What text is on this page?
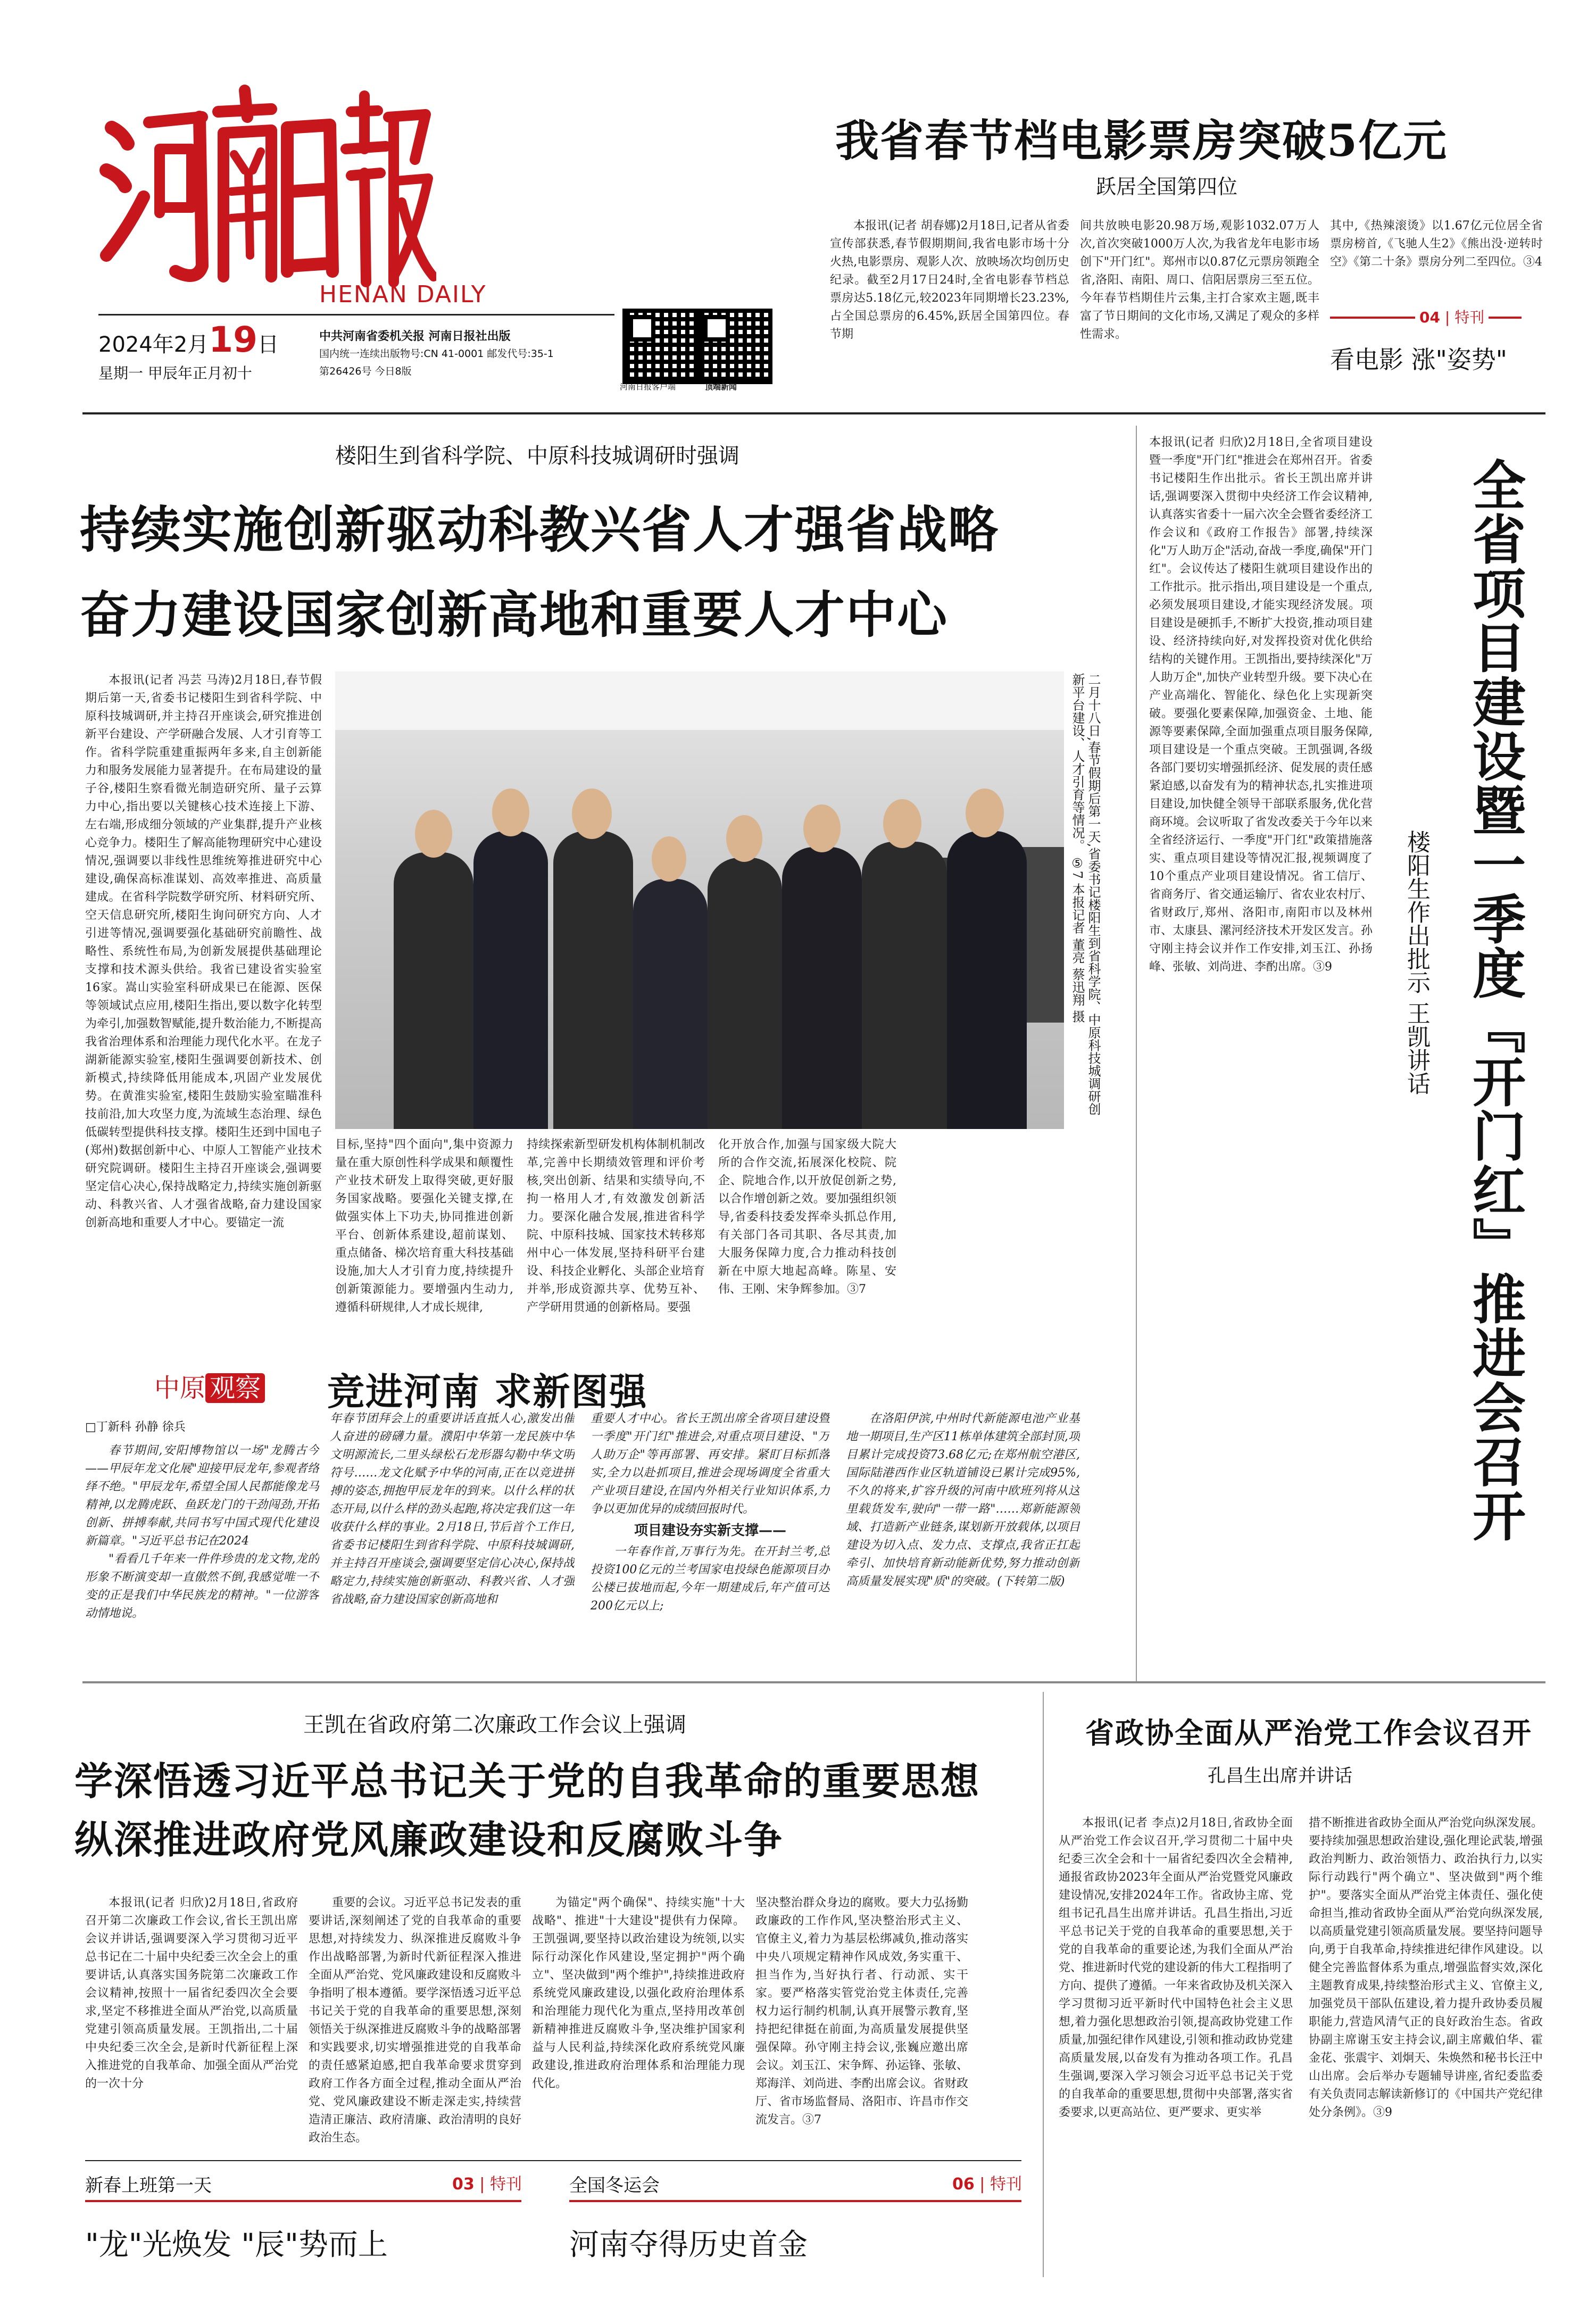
HENAN DAILY
2024年2月19日
星期一 甲辰年正月初十
中共河南省委机关报 河南日报社出版
国内统一连续出版物号:CN 41-0001 邮发代号:35-1
第26426号 今日8版
河南日报客户端	顶端新闻
我省春节档电影票房突破5亿元
跃居全国第四位

本报讯(记者 胡春娜)2月18日,记者从省委宣传部获悉,春节假期期间,我省电影市场十分火热,电影票房、观影人次、放映场次均创历史纪录。截至2月17日24时,全省电影春节档总票房达5.18亿元,较2023年同期增长23.23%,占全国总票房的6.45%,跃居全国第四位。春节期

间共放映电影20.98万场,观影1032.07万人次,首次突破1000万人次,为我省龙年电影市场创下"开门红"。郑州市以0.87亿元票房领跑全省,洛阳、南阳、周口、信阳居票房三至五位。今年春节档期佳片云集,主打合家欢主题,既丰富了节日期间的文化市场,又满足了观众的多样性需求。

其中,《热辣滚烫》以1.67亿元位居全省票房榜首,《飞驰人生2》《熊出没·逆转时空》《第二十条》票房分列二至四位。③4

04 | 特刊
看电影 涨"姿势"
楼阳生到省科学院、中原科技城调研时强调
持续实施创新驱动科教兴省人才强省战略
奋力建设国家创新高地和重要人才中心

本报讯(记者 冯芸 马涛)2月18日,春节假期后第一天,省委书记楼阳生到省科学院、中原科技城调研,并主持召开座谈会,研究推进创新平台建设、产学研融合发展、人才引育等工作。省科学院重建重振两年多来,自主创新能力和服务发展能力显著提升。在布局建设的量子谷,楼阳生察看微光制造研究所、量子云算力中心,指出要以关键核心技术连接上下游、左右端,形成细分领域的产业集群,提升产业核心竞争力。楼阳生了解高能物理研究中心建设情况,强调要以非线性思维统筹推进研究中心建设,确保高标准谋划、高效率推进、高质量建成。在省科学院数学研究所、材料研究所、空天信息研究所,楼阳生询问研究方向、人才引进等情况,强调要强化基础研究前瞻性、战略性、系统性布局,为创新发展提供基础理论支撑和技术源头供给。我省已建设省实验室16家。嵩山实验室科研成果已在能源、医保等领域试点应用,楼阳生指出,要以数字化转型为牵引,加强数智赋能,提升数治能力,不断提高我省治理体系和治理能力现代化水平。在龙子湖新能源实验室,楼阳生强调要创新技术、创新模式,持续降低用能成本,巩固产业发展优势。在黄淮实验室,楼阳生鼓励实验室瞄准科技前沿,加大攻坚力度,为流域生态治理、绿色低碳转型提供科技支撑。楼阳生还到中国电子(郑州)数据创新中心、中原人工智能产业技术研究院调研。楼阳生主持召开座谈会,强调要坚定信心决心,保持战略定力,持续实施创新驱动、科教兴省、人才强省战略,奋力建设国家创新高地和重要人才中心。要锚定一流

二月十八日,春节假期后第一天,省委书记楼阳生到省科学院、中原科技城调研创新平台建设、人才引育等情况。 ⑤7 本报记者 董亮 蔡迅翔 摄

目标,坚持"四个面向",集中资源力量在重大原创性科学成果和颠覆性产业技术研发上取得突破,更好服务国家战略。要强化关键支撑,在做强实体上下功夫,协同推进创新平台、创新体系建设,超前谋划、重点储备、梯次培育重大科技基础设施,加大人才引育力度,持续提升创新策源能力。要增强内生动力,遵循科研规律,人才成长规律,

持续探索新型研发机构体制机制改革,完善中长期绩效管理和评价考核,突出创新、结果和实绩导向,不拘一格用人才,有效激发创新活力。要深化融合发展,推进省科学院、中原科技城、国家技术转移郑州中心一体发展,坚持科研平台建设、科技企业孵化、头部企业培育并举,形成资源共享、优势互补、产学研用贯通的创新格局。要强

化开放合作,加强与国家级大院大所的合作交流,拓展深化校院、院企、院地合作,以开放促创新之势,以合作增创新之效。要加强组织领导,省委科技委发挥牵头抓总作用,有关部门各司其职、各尽其责,加大服务保障力度,合力推动科技创新在中原大地起高峰。陈星、安伟、王刚、宋争辉参加。③7

中原 观察 竞进河南 求新图强
□丁新科 孙静 徐兵

春节期间,安阳博物馆以一场"龙腾古今——甲辰年龙文化展"迎接甲辰龙年,参观者络绎不绝。"甲辰龙年,希望全国人民都能像龙马精神,以龙腾虎跃、鱼跃龙门的干劲闯劲,开拓创新、拼搏奉献,共同书写中国式现代化建设新篇章。"习近平总书记在2024

"看看几千年来一件件珍贵的龙文物,龙的形象不断演变却一直傲然不倒,我感觉唯一不变的正是我们中华民族龙的精神。"一位游客动情地说。

年春节团拜会上的重要讲话直抵人心,激发出催人奋进的磅礴力量。濮阳中华第一龙民族中华文明源流长,二里头绿松石龙形器勾勒中华文明符号……龙文化赋予中华的河南,正在以竞进拼搏的姿态,拥抱甲辰龙年的到来。以什么样的状态开局,以什么样的劲头起跑,将决定我们这一年收获什么样的事业。2月18日,节后首个工作日,省委书记楼阳生到省科学院、中原科技城调研,并主持召开座谈会,强调要坚定信心决心,保持战略定力,持续实施创新驱动、科教兴省、人才强省战略,奋力建设国家创新高地和

重要人才中心。省长王凯出席全省项目建设暨一季度"开门红"推进会,对重点项目建设、"万人助万企"等再部署、再安排。紧盯目标抓落实,全力以赴抓项目,推进会现场调度全省重大产业项目建设,在国内外相关行业知识体系,力争以更加优异的成绩回报时代。

项目建设夯实新支撑——

一年春作首,万事行为先。在开封兰考,总投资100亿元的兰考国家电投绿色能源项目办公楼已拔地而起,今年一期建成后,年产值可达200亿元以上;

在洛阳伊滨,中州时代新能源电池产业基地一期项目,生产区11栋单体建筑全部封顶,项目累计完成投资73.68亿元;在郑州航空港区,国际陆港西作业区轨道铺设已累计完成95%,不久的将来,扩容升级的河南中欧班列将从这里载货发车,驶向"一带一路"……郑新能源领域、打造新产业链条,谋划新开放载体,以项目建设为切入点、发力点、支撑点,我省正扛起牵引、加快培育新动能新优势,努力推动创新高质量发展实现"质"的突破。(下转第二版)

本报讯(记者 归欣)2月18日,全省项目建设暨一季度"开门红"推进会在郑州召开。省委书记楼阳生作出批示。省长王凯出席并讲话,强调要深入贯彻中央经济工作会议精神,认真落实省委十一届六次全会暨省委经济工作会议和《政府工作报告》部署,持续深化"万人助万企"活动,奋战一季度,确保"开门红"。会议传达了楼阳生就项目建设作出的工作批示。批示指出,项目建设是一个重点,必须发展项目建设,才能实现经济发展。项目建设是硬抓手,不断扩大投资,推动项目建设、经济持续向好,对发挥投资对优化供给结构的关键作用。王凯指出,要持续深化"万人助万企",加快产业转型升级。要下决心在产业高端化、智能化、绿色化上实现新突破。要强化要素保障,加强资金、土地、能源等要素保障,全面加强重点项目服务保障,项目建设是一个重点突破。王凯强调,各级各部门要切实增强抓经济、促发展的责任感紧迫感,以奋发有为的精神状态,扎实推进项目建设,加快健全领导干部联系服务,优化营商环境。会议听取了省发改委关于今年以来全省经济运行、一季度"开门红"政策措施落实、重点项目建设等情况汇报,视频调度了10个重点产业项目建设情况。省工信厅、省商务厅、省交通运输厅、省农业农村厅、省财政厅,郑州、洛阳市,南阳市以及林州市、太康县、漯河经济技术开发区发言。孙守刚主持会议并作工作安排,刘玉江、孙扬峰、张敏、刘尚进、李酌出席。③9	全省项目建设暨一季度『开门红』推进会召开
楼阳生作出批示 王凯讲话
王凯在省政府第二次廉政工作会议上强调
学深悟透习近平总书记关于党的自我革命的重要思想
纵深推进政府党风廉政建设和反腐败斗争

本报讯(记者 归欣)2月18日,省政府召开第二次廉政工作会议,省长王凯出席会议并讲话,强调要深入学习贯彻习近平总书记在二十届中央纪委三次全会上的重要讲话,认真落实国务院第二次廉政工作会议精神,按照十一届省纪委四次全会要求,坚定不移推进全面从严治党,以高质量党建引领高质量发展。王凯指出,二十届中央纪委三次全会,是新时代新征程上深入推进党的自我革命、加强全面从严治党的一次十分

重要的会议。习近平总书记发表的重要讲话,深刻阐述了党的自我革命的重要思想,对持续发力、纵深推进反腐败斗争作出战略部署,为新时代新征程深入推进全面从严治党、党风廉政建设和反腐败斗争指明了根本遵循。要学深悟透习近平总书记关于党的自我革命的重要思想,深刻领悟关于纵深推进反腐败斗争的战略部署和实践要求,切实增强推进党的自我革命的责任感紧迫感,把自我革命要求贯穿到政府工作各方面全过程,推动全面从严治党、党风廉政建设不断走深走实,持续营造清正廉洁、政府清廉、政治清明的良好政治生态。

为锚定"两个确保"、持续实施"十大战略"、推进"十大建设"提供有力保障。王凯强调,要坚持以政治建设为统领,以实际行动深化作风建设,坚定拥护"两个确立"、坚决做到"两个维护",持续推进政府系统党风廉政建设,以强化政府治理体系和治理能力现代化为重点,坚持用改革创新精神推进反腐败斗争,坚决维护国家利益与人民利益,持续深化政府系统党风廉政建设,推进政府治理体系和治理能力现代化。

坚决整治群众身边的腐败。要大力弘扬勤政廉政的工作作风,坚决整治形式主义、官僚主义,着力为基层松绑减负,推动落实中央八项规定精神作风成效,务实重干、担当作为,当好执行者、行动派、实干家。要严格落实管党治党主体责任,完善权力运行制约机制,认真开展警示教育,坚持把纪律挺在前面,为高质量发展提供坚强保障。孙守刚主持会议,张巍应邀出席会议。刘玉江、宋争辉、孙运锋、张敏、郑海洋、刘尚进、李酌出席会议。省财政厅、省市场监督局、洛阳市、许昌市作交流发言。③7

省政协全面从严治党工作会议召开
孔昌生出席并讲话

本报讯(记者 李点)2月18日,省政协全面从严治党工作会议召开,学习贯彻二十届中央纪委三次全会和十一届省纪委四次全会精神,通报省政协2023年全面从严治党暨党风廉政建设情况,安排2024年工作。省政协主席、党组书记孔昌生出席并讲话。孔昌生指出,习近平总书记关于党的自我革命的重要思想,关于党的自我革命的重要论述,为我们全面从严治党、推进新时代党的建设新的伟大工程指明了方向、提供了遵循。一年来省政协及机关深入学习贯彻习近平新时代中国特色社会主义思想,着力强化思想政治引领,提高政协党建工作质量,加强纪律作风建设,引领和推动政协党建高质量发展,以奋发有为推动各项工作。孔昌生强调,要深入学习领会习近平总书记关于党的自我革命的重要思想,贯彻中央部署,落实省委要求,以更高站位、更严要求、更实举

措不断推进省政协全面从严治党向纵深发展。要持续加强思想政治建设,强化理论武装,增强政治判断力、政治领悟力、政治执行力,以实际行动践行"两个确立"、坚决做到"两个维护"。要落实全面从严治党主体责任、强化使命担当,推动省政协全面从严治党向纵深发展,以高质量党建引领高质量发展。要坚持问题导向,勇于自我革命,持续推进纪律作风建设。以健全完善监督体系为重点,增强监督实效,深化主题教育成果,持续整治形式主义、官僚主义,加强党员干部队伍建设,着力提升政协委员履职能力,营造风清气正的良好政治生态。省政协副主席谢玉安主持会议,副主席戴伯华、霍金花、张震宇、刘炯天、朱焕然和秘书长汪中山出席。会后举办专题辅导讲座,省纪委监委有关负责同志解读新修订的《中国共产党纪律处分条例》。③9

新春上班第一天	03 | 特刊
"龙"光焕发 "辰"势而上
全国冬运会	06 | 特刊
河南夺得历史首金
